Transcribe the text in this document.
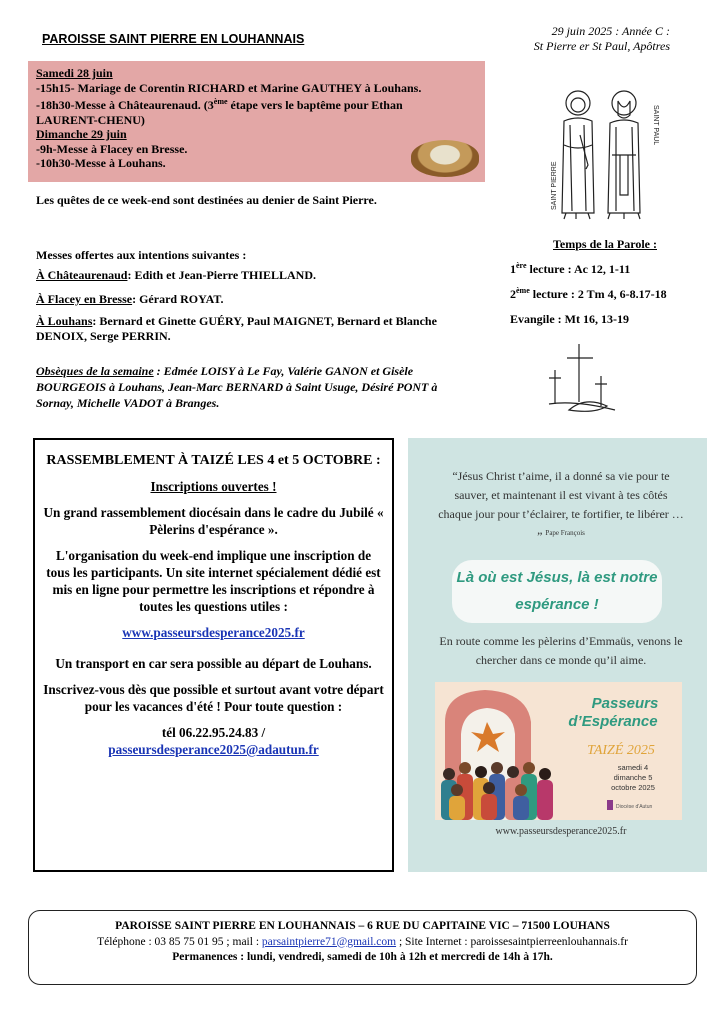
PAROISSE SAINT PIERRE EN LOUHANNAIS
29 juin 2025 : Année C :
St Pierre er St Paul, Apôtres
Samedi 28 juin
-15h15- Mariage de Corentin RICHARD et Marine GAUTHEY à Louhans.
-18h30-Messe à Châteaurenaud. (3ème étape vers le baptême pour Ethan
LAURENT-CHENU)
Dimanche 29 juin
-9h-Messe à Flacey en Bresse.
-10h30-Messe à Louhans.
Les quêtes de ce week-end sont destinées au denier de Saint Pierre.
Messes offertes aux intentions suivantes :
À Châteaurenaud: Edith et Jean-Pierre THIELLAND.
À Flacey en Bresse: Gérard ROYAT.
À Louhans: Bernard et Ginette GUÉRY, Paul MAIGNET, Bernard et Blanche DENOIX, Serge PERRIN.
Obsèques de la semaine : Edmée LOISY à Le Fay, Valérie GANON et Gisèle BOURGEOIS à Louhans, Jean-Marc BERNARD à Saint Usuge, Désiré PONT à Sornay, Michelle VADOT à Branges.
SAINT PIERRE
SAINT PAUL
Temps de la Parole :
1ère lecture : Ac 12, 1-11
2ème lecture : 2 Tm 4, 6-8.17-18
Evangile : Mt 16, 13-19

RASSEMBLEMENT À TAIZÉ LES 4 et 5 OCTOBRE :

Inscriptions ouvertes !

Un grand rassemblement diocésain dans le cadre du Jubilé « Pèlerins d'espérance ».

L'organisation du week-end implique une inscription de tous les participants. Un site internet spécialement dédié est mis en ligne pour permettre les inscriptions et répondre à toutes les questions utiles :

www.passeursdesperance2025.fr

Un transport en car sera possible au départ de Louhans.

Inscrivez-vous dès que possible et surtout avant votre départ pour les vacances d'été ! Pour toute question :

tél 06.22.95.24.83 /

passeursdesperance2025@adautun.fr

“Jésus Christ t’aime, il a donné sa vie pour te sauver, et maintenant il est vivant à tes côtés chaque jour pour t’éclairer, te fortifier, te libérer … ” $^{Pape François}$
Là où est Jésus, là est notre
espérance !
En route comme les pèlerins d’Emmaüs, venons le chercher dans ce monde qu’il aime.
Passeurs
d’Espérance
TAIZÉ 2025
samedi 4
dimanche 5
octobre 2025
Diocèse d'Autun
www.passeursdesperance2025.fr
PAROISSE SAINT PIERRE EN LOUHANNAIS – 6 RUE DU CAPITAINE VIC – 71500 LOUHANS
Téléphone : 03 85 75 01 95 ; mail : parsaintpierre71@gmail.com ; Site Internet : paroissesaintpierreenlouhannais.fr
Permanences : lundi, vendredi, samedi de 10h à 12h et mercredi de 14h à 17h.
